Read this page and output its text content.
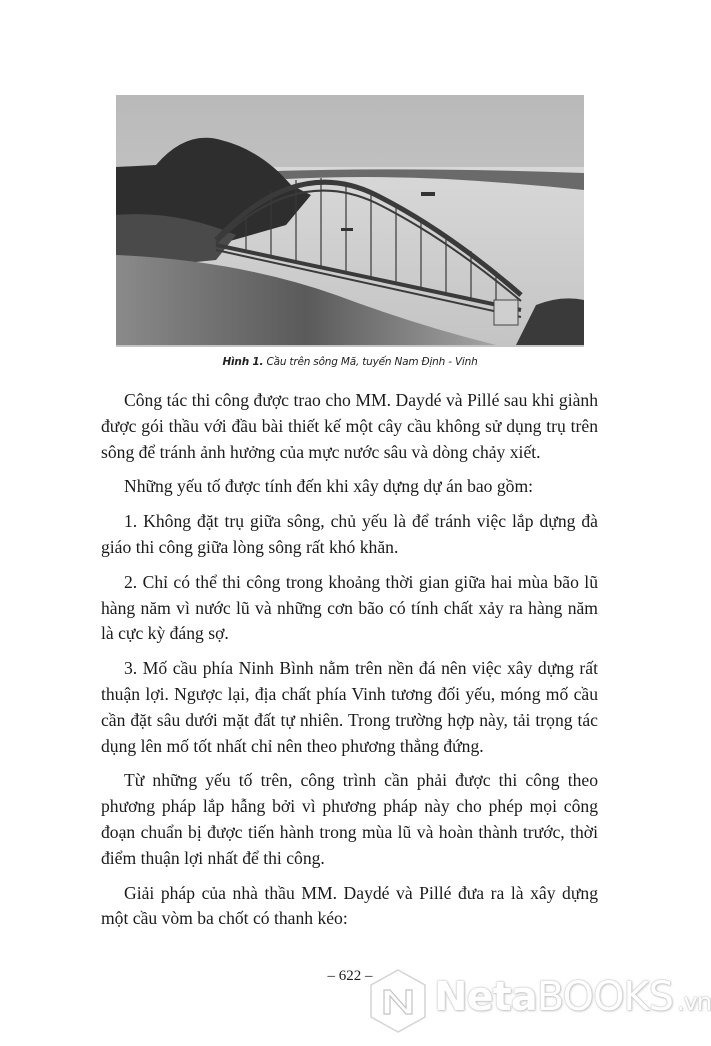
Hình 1. Cầu trên sông Mã, tuyến Nam Định - Vinh

Công tác thi công được trao cho MM. Daydé và Pillé sau khi giành được gói thầu với đầu bài thiết kế một cây cầu không sử dụng trụ trên sông để tránh ảnh hưởng của mực nước sâu và dòng chảy xiết.

Những yếu tố được tính đến khi xây dựng dự án bao gồm:

1. Không đặt trụ giữa sông, chủ yếu là để tránh việc lắp dựng đà giáo thi công giữa lòng sông rất khó khăn.

2. Chỉ có thể thi công trong khoảng thời gian giữa hai mùa bão lũ hàng năm vì nước lũ và những cơn bão có tính chất xảy ra hàng năm là cực kỳ đáng sợ.

3. Mố cầu phía Ninh Bình nằm trên nền đá nên việc xây dựng rất thuận lợi. Ngược lại, địa chất phía Vinh tương đối yếu, móng mố cầu cần đặt sâu dưới mặt đất tự nhiên. Trong trường hợp này, tải trọng tác dụng lên mố tốt nhất chỉ nên theo phương thẳng đứng.

Từ những yếu tố trên, công trình cần phải được thi công theo phương pháp lắp hẫng bởi vì phương pháp này cho phép mọi công đoạn chuẩn bị được tiến hành trong mùa lũ và hoàn thành trước, thời điểm thuận lợi nhất để thi công.

Giải pháp của nhà thầu MM. Daydé và Pillé đưa ra là xây dựng một cầu vòm ba chốt có thanh kéo:

– 622 –	NetaBOOKS .vn
